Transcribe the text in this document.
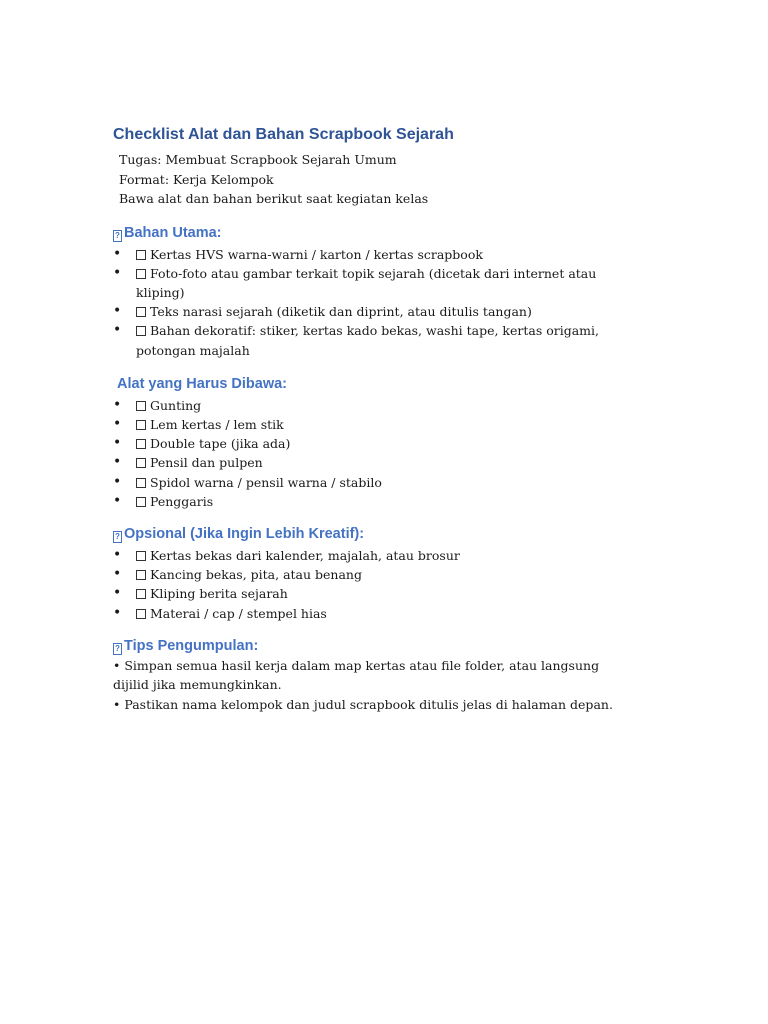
Checklist Alat dan Bahan Scrapbook Sejarah
Tugas: Membuat Scrapbook Sejarah Umum
Format: Kerja Kelompok
Bawa alat dan bahan berikut saat kegiatan kelas
? Bahan Utama:
• Kertas HVS warna-warni / karton / kertas scrapbook
• Foto-foto atau gambar terkait topik sejarah (dicetak dari internet atau kliping)
• Teks narasi sejarah (diketik dan diprint, atau ditulis tangan)
• Bahan dekoratif: stiker, kertas kado bekas, washi tape, kertas origami, potongan majalah
Alat yang Harus Dibawa:
• Gunting
• Lem kertas / lem stik
• Double tape (jika ada)
• Pensil dan pulpen
• Spidol warna / pensil warna / stabilo
• Penggaris
? Opsional (Jika Ingin Lebih Kreatif):
• Kertas bekas dari kalender, majalah, atau brosur
• Kancing bekas, pita, atau benang
• Kliping berita sejarah
• Materai / cap / stempel hias
? Tips Pengumpulan:

• Simpan semua hasil kerja dalam map kertas atau file folder, atau langsung dijilid jika memungkinkan.

• Pastikan nama kelompok dan judul scrapbook ditulis jelas di halaman depan.
